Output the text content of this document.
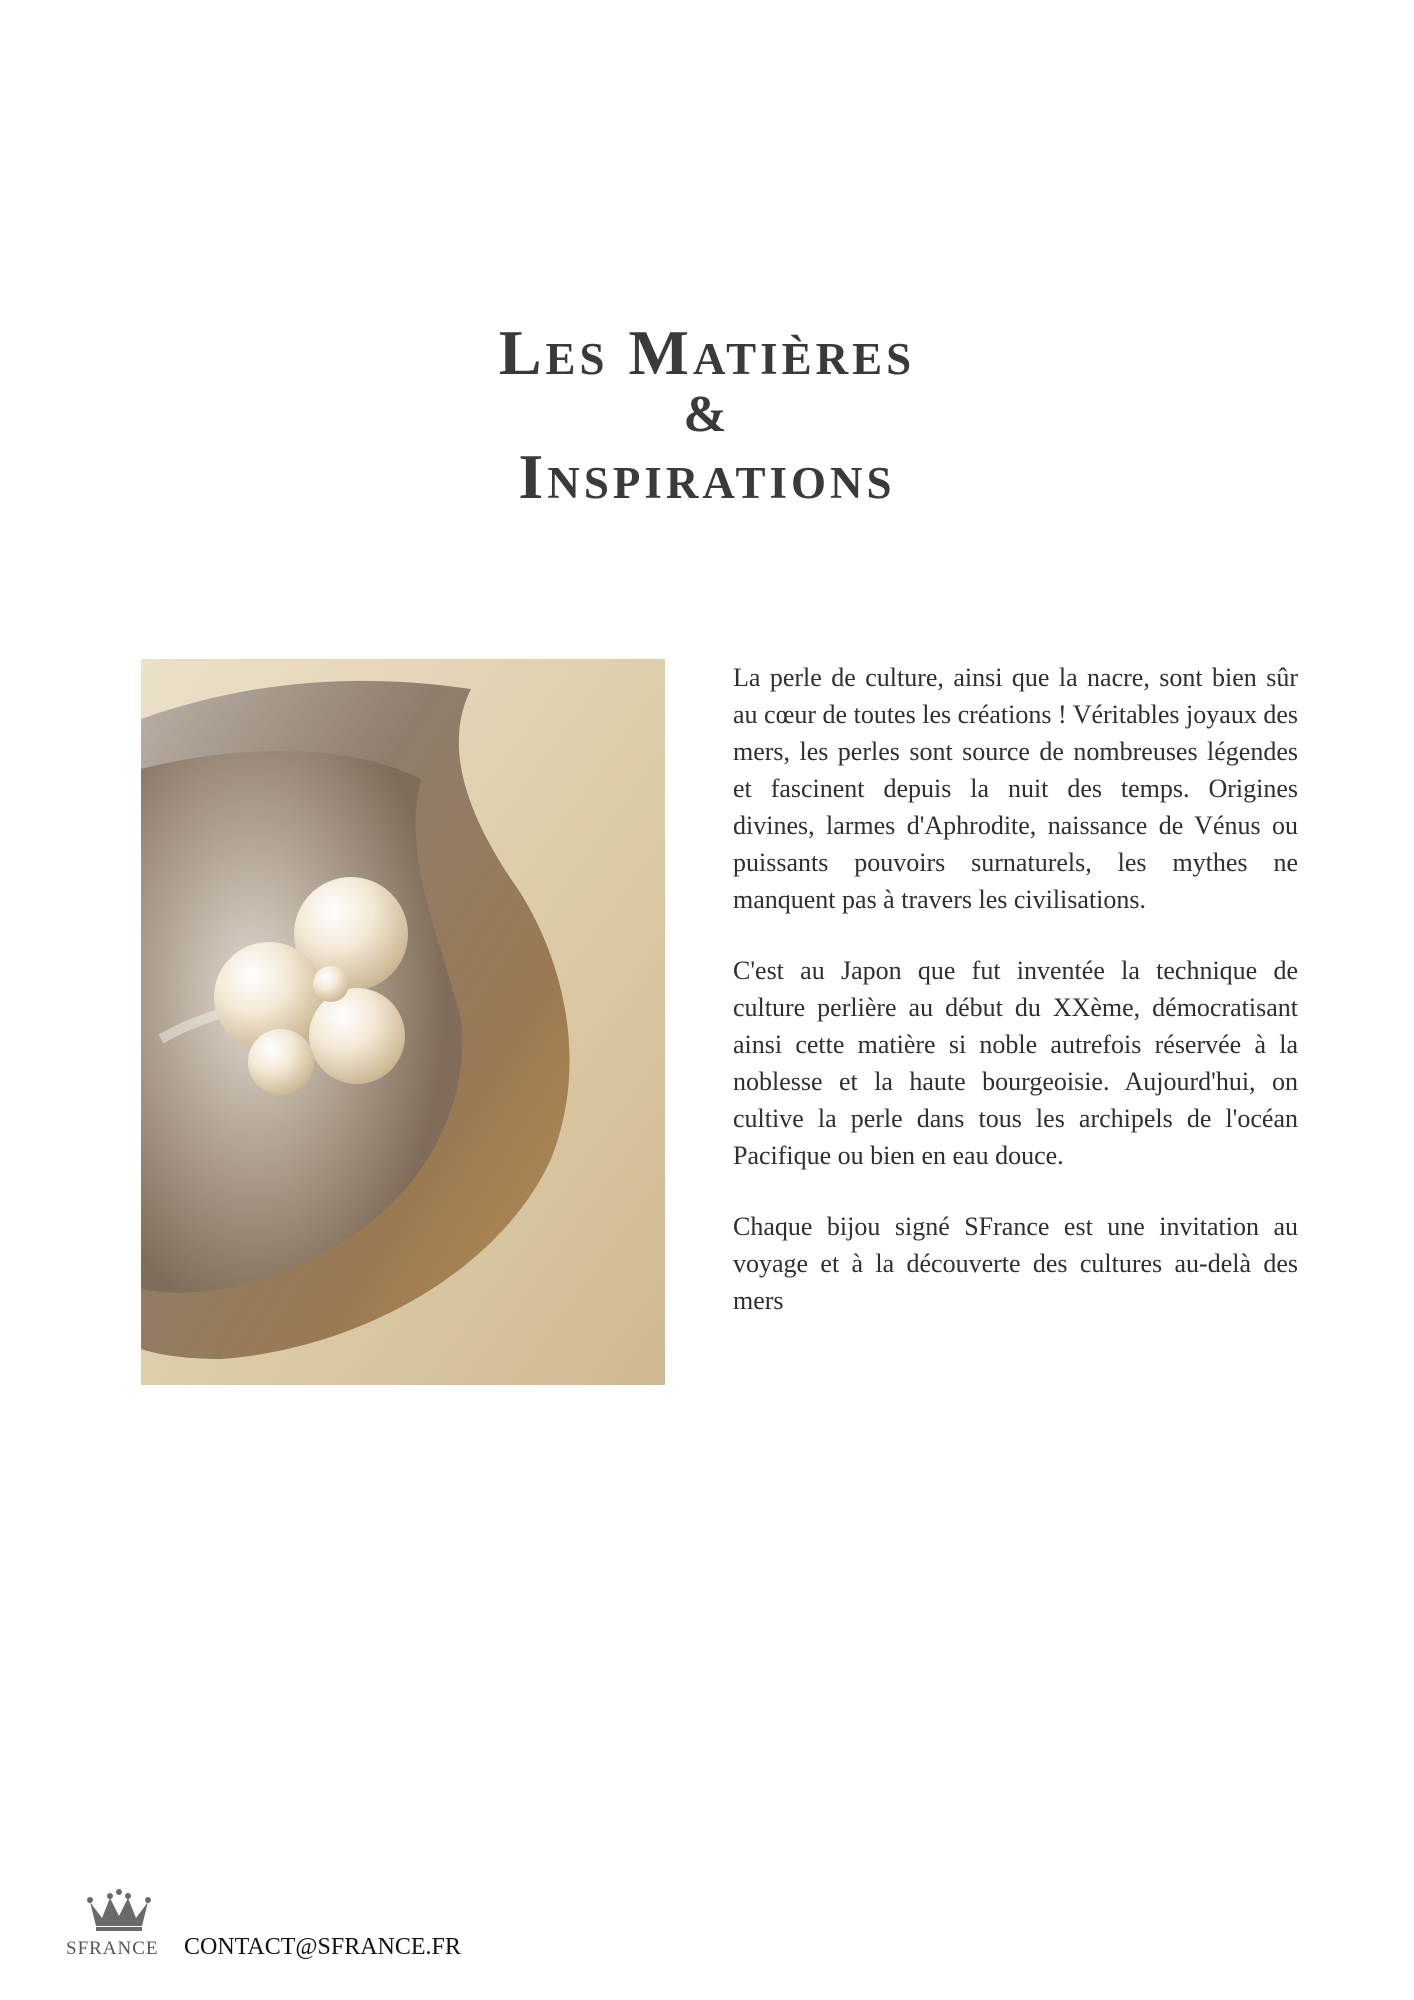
Les Matières
&
Inspirations

La perle de culture, ainsi que la nacre, sont bien sûr au cœur de toutes les créations ! Véritables joyaux des mers, les perles sont source de nombreuses légendes et fascinent depuis la nuit des temps. Origines divines, larmes d'Aphrodite, naissance de Vénus ou puissants pouvoirs surnaturels, les mythes ne manquent pas à travers les civilisations.

C'est au Japon que fut inventée la technique de culture perlière au début du XXème, démocratisant ainsi cette matière si noble autrefois réservée à la noblesse et la haute bourgeoisie. Aujourd'hui, on cultive la perle dans tous les archipels de l'océan Pacifique ou bien en eau douce.

Chaque bijou signé SFrance est une invitation au voyage et à la découverte des cultures au-delà des mers

SFRANCE CONTACT@SFRANCE.FR
